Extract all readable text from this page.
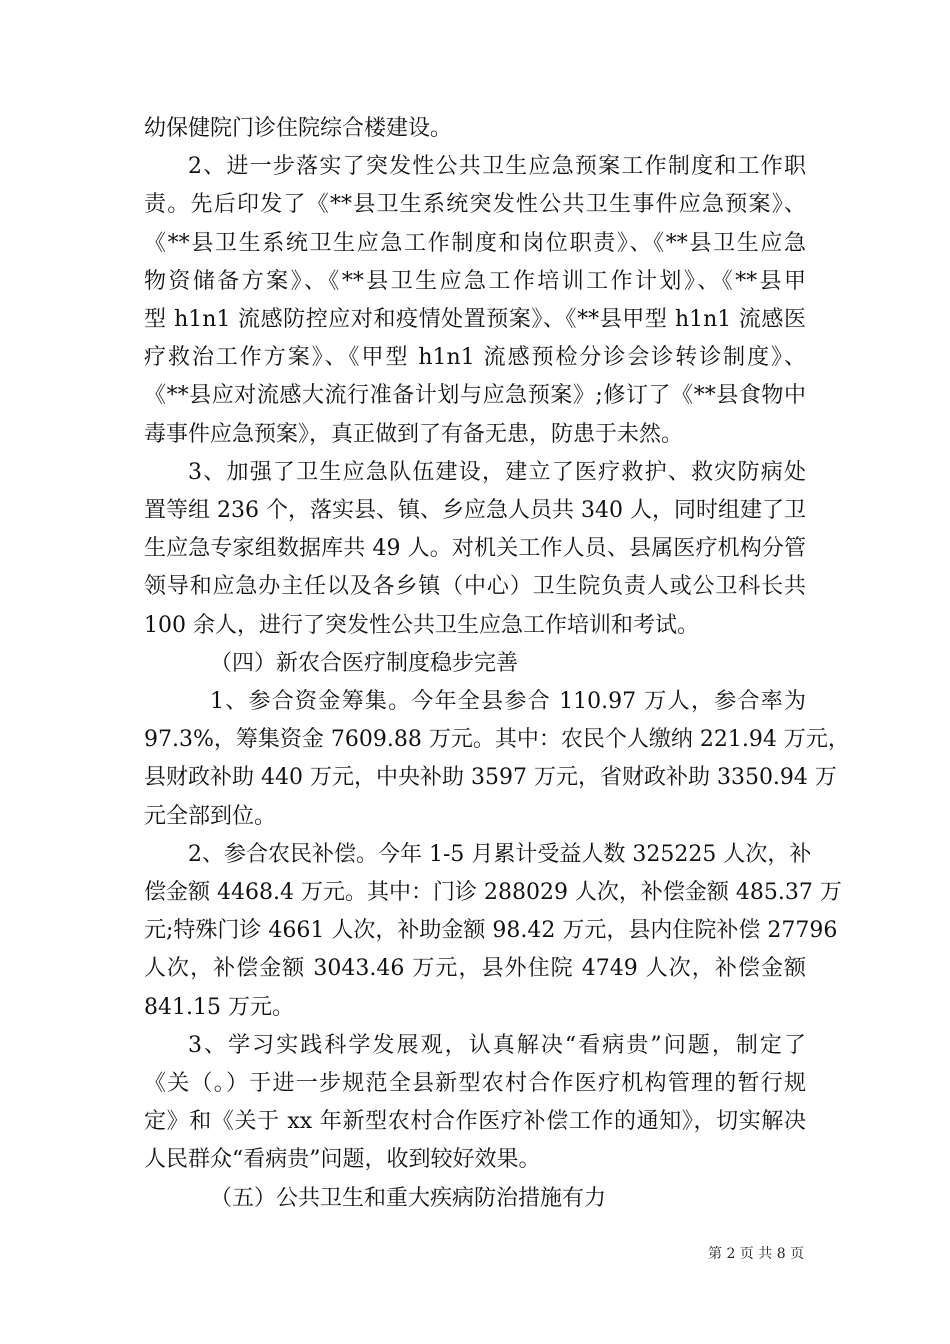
幼保健院门诊住院综合楼建设。
2、进一步落实了突发性公共卫生应急预案工作制度和工作职
责。先后印发了《**县卫生系统突发性公共卫生事件应急预案》、
《**县卫生系统卫生应急工作制度和岗位职责》、《**县卫生应急
物资储备方案》、《**县卫生应急工作培训工作计划》、《**县甲
型 h1n1 流感防控应对和疫情处置预案》、《**县甲型 h1n1 流感医
疗救治工作方案》、《甲型 h1n1 流感预检分诊会诊转诊制度》、
《**县应对流感大流行准备计划与应急预案》;修订了《**县食物中
毒事件应急预案》，真正做到了有备无患，防患于未然。
3、加强了卫生应急队伍建设，建立了医疗救护、救灾防病处
置等组 236 个，落实县、镇、乡应急人员共 340 人，同时组建了卫
生应急专家组数据库共 49 人。对机关工作人员、县属医疗机构分管
领导和应急办主任以及各乡镇（中心）卫生院负责人或公卫科长共
100 余人，进行了突发性公共卫生应急工作培训和考试。
（四）新农合医疗制度稳步完善
1、参合资金筹集。今年全县参合 110.97 万人，参合率为
97.3%，筹集资金 7609.88 万元。其中：农民个人缴纳 221.94 万元，
县财政补助 440 万元，中央补助 3597 万元，省财政补助 3350.94 万
元全部到位。
2、参合农民补偿。今年 1-5 月累计受益人数 325225 人次，补
偿金额 4468.4 万元。其中：门诊 288029 人次，补偿金额 485.37 万
元;特殊门诊 4661 人次，补助金额 98.42 万元，县内住院补偿 27796
人次，补偿金额 3043.46 万元，县外住院 4749 人次，补偿金额
841.15 万元。
3、学习实践科学发展观，认真解决“看病贵”问题，制定了
《关（。）于进一步规范全县新型农村合作医疗机构管理的暂行规
定》和《关于 xx 年新型农村合作医疗补偿工作的通知》，切实解决
人民群众“看病贵”问题，收到较好效果。
（五）公共卫生和重大疾病防治措施有力
第 2 页 共 8 页
